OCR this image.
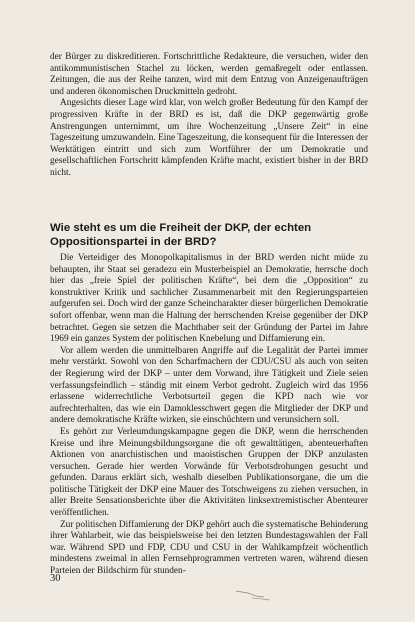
der Bürger zu diskreditieren. Fortschrittliche Redakteure, die versuchen, wider den antikommunistischen Stachel zu löcken, werden gemaßregelt oder entlassen. Zeitungen, die aus der Reihe tanzen, wird mit dem Entzug von Anzeigenaufträgen und anderen ökonomischen Druckmitteln gedroht.

Angesichts dieser Lage wird klar, von welch großer Bedeutung für den Kampf der progressiven Kräfte in der BRD es ist, daß die DKP gegenwärtig große Anstrengungen unternimmt, um ihre Wochenzeitung „Unsere Zeit“ in eine Tageszeitung umzuwandeln. Eine Tageszeitung, die konsequent für die Interessen der Werktätigen eintritt und sich zum Wortführer der um Demokratie und gesellschaftlichen Fortschritt kämpfenden Kräfte macht, existiert bisher in der BRD nicht.

Wie steht es um die Freiheit der DKP, der echten Oppositionspartei in der BRD?

Die Verteidiger des Monopolkapitalismus in der BRD werden nicht müde zu behaupten, ihr Staat sei geradezu ein Musterbeispiel an Demokratie, herrsche doch hier das „freie Spiel der politischen Kräfte“, bei dem die „Opposition“ zu konstruktiver Kritik und sachlicher Zusammenarbeit mit den Regierungsparteien aufgerufen sei. Doch wird der ganze Scheincharakter dieser bürgerlichen Demokratie sofort offenbar, wenn man die Haltung der herrschenden Kreise gegenüber der DKP betrachtet. Gegen sie setzen die Machthaber seit der Gründung der Partei im Jahre 1969 ein ganzes System der politischen Knebelung und Diffamierung ein.

Vor allem werden die unmittelbaren Angriffe auf die Legalität der Partei immer mehr verstärkt. Sowohl von den Scharfmachern der CDU/CSU als auch von seiten der Regierung wird der DKP – unter dem Vorwand, ihre Tätigkeit und Ziele seien verfassungsfeindlich – ständig mit einem Verbot gedroht. Zugleich wird das 1956 erlassene widerrechtliche Verbotsurteil gegen die KPD nach wie vor aufrechterhalten, das wie ein Damoklesschwert gegen die Mitglieder der DKP und andere demokratische Kräfte wirken, sie einschüchtern und verunsichern soll.

Es gehört zur Verleumdungskampagne gegen die DKP, wenn die herrschenden Kreise und ihre Meinungsbildungsorgane die oft gewalttätigen, abenteuerhaften Aktionen von anarchistischen und maoistischen Gruppen der DKP anzulasten versuchen. Gerade hier werden Vorwände für Verbotsdrohungen gesucht und gefunden. Daraus erklärt sich, weshalb dieselben Publikationsorgane, die um die politische Tätigkeit der DKP eine Mauer des Totschweigens zu ziehen versuchen, in aller Breite Sensationsberichte über die Aktivitäten linksextremistischer Abenteurer veröffentlichen.

Zur politischen Diffamierung der DKP gehört auch die systematische Behinderung ihrer Wahlarbeit, wie das beispielsweise bei den letzten Bundestagswahlen der Fall war. Während SPD und FDP, CDU und CSU in der Wahlkampfzeit wöchentlich mindestens zweimal in allen Fernsehprogrammen vertreten waren, während diesen Parteien der Bildschirm für stunden-

30
